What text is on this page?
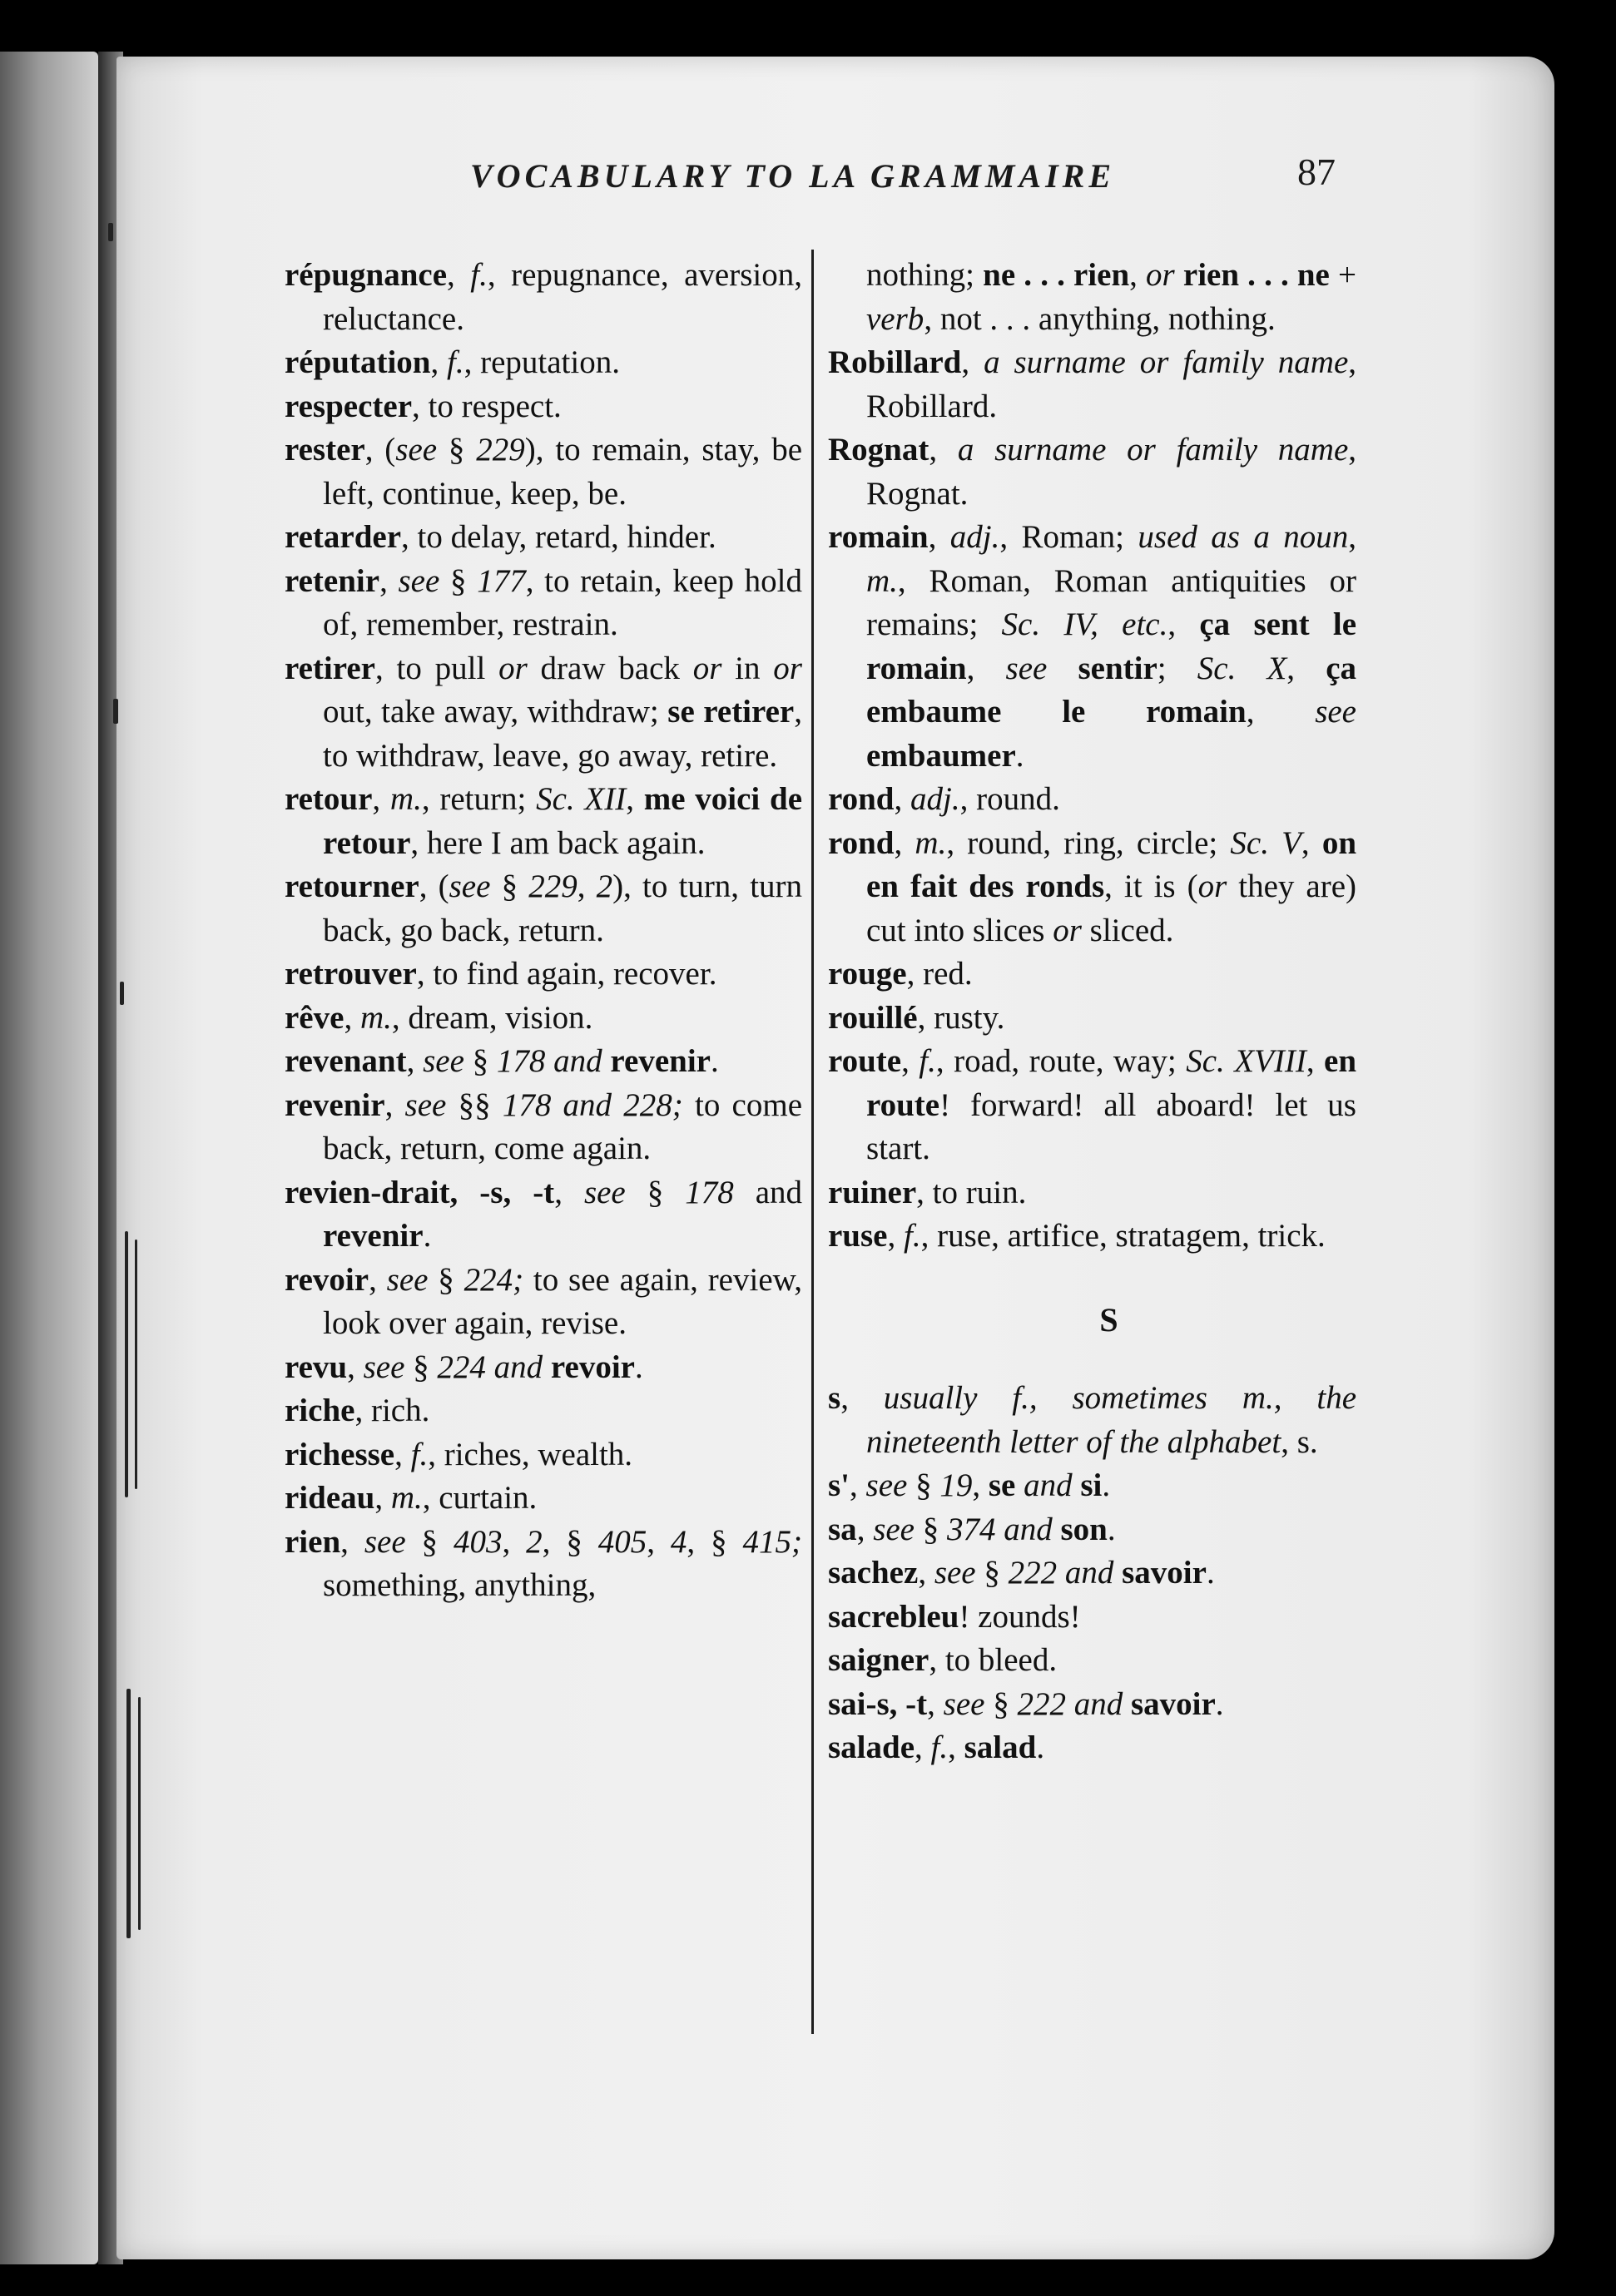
VOCABULARY TO LA GRAMMAIRE	87

répugnance, f., repugnance, aversion, reluctance.

réputation, f., reputation.

respecter, to respect.

rester, (see § 229), to remain, stay, be left, continue, keep, be.

retarder, to delay, retard, hinder.

retenir, see § 177, to retain, keep hold of, remember, restrain.

retirer, to pull or draw back or in or out, take away, withdraw; se retirer, to withdraw, leave, go away, retire.

retour, m., return; Sc. XII, me voici de retour, here I am back again.

retourner, (see § 229, 2), to turn, turn back, go back, return.

retrouver, to find again, recover.

rêve, m., dream, vision.

revenant, see § 178 and revenir.

revenir, see §§ 178 and 228; to come back, return, come again.

revien-drait, -s, -t, see § 178 and revenir.

revoir, see § 224; to see again, review, look over again, revise.

revu, see § 224 and revoir.

riche, rich.

richesse, f., riches, wealth.

rideau, m., curtain.

rien, see § 403, 2, § 405, 4, § 415; something, anything,

nothing; ne . . . rien, or rien . . . ne + verb, not . . . anything, nothing.

Robillard, a surname or family name, Robillard.

Rognat, a surname or family name, Rognat.

romain, adj., Roman; used as a noun, m., Roman, Roman antiquities or remains; Sc. IV, etc., ça sent le romain, see sentir; Sc. X, ça embaume le romain, see embaumer.

rond, adj., round.

rond, m., round, ring, circle; Sc. V, on en fait des ronds, it is (or they are) cut into slices or sliced.

rouge, red.

rouillé, rusty.

route, f., road, route, way; Sc. XVIII, en route! forward! all aboard! let us start.

ruiner, to ruin.

ruse, f., ruse, artifice, stratagem, trick.

S

s, usually f., sometimes m., the nineteenth letter of the alphabet, s.

s', see § 19, se and si.

sa, see § 374 and son.

sachez, see § 222 and savoir.

sacrebleu! zounds!

saigner, to bleed.

sai-s, -t, see § 222 and savoir.

salade, f., salad.
